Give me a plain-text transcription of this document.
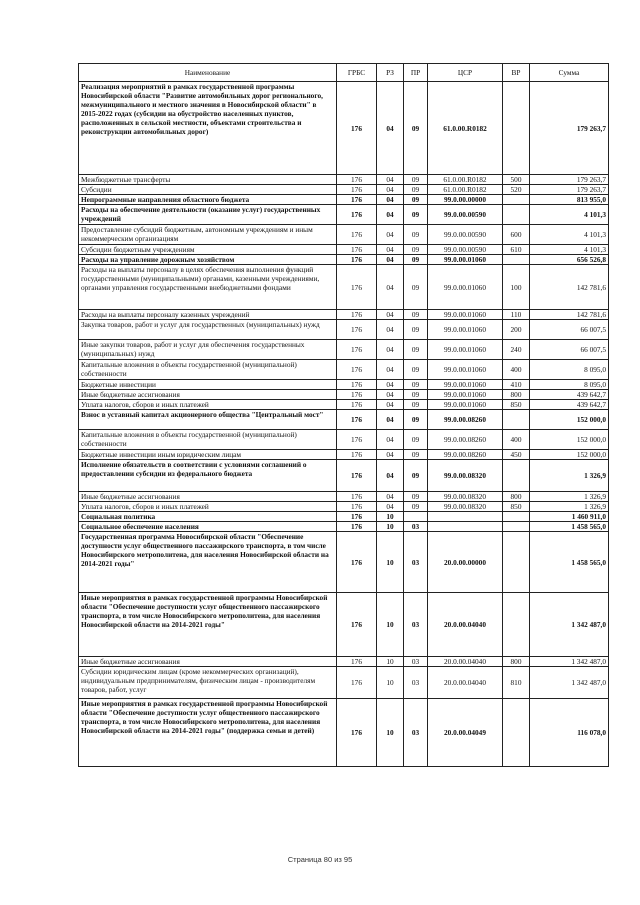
Наименование	ГРБС	РЗ	ПР	ЦСР	ВР	Сумма
Реализация мероприятий в рамках государственной программы Новосибирской области "Развитие автомобильных дорог регионального, межмуниципального и местного значения в Новосибирской области" в 2015-2022 годах (субсидии на обустройство населенных пунктов, расположенных в сельской местности, объектами строительства и реконструкции автомобильных дорог)	176	04	09	61.0.00.R0182		179 263,7
Межбюджетные трансферты	176	04	09	61.0.00.R0182	500	179 263,7
Субсидии	176	04	09	61.0.00.R0182	520	179 263,7
Непрограммные направления областного бюджета	176	04	09	99.0.00.00000		813 955,0
Расходы на обеспечение деятельности (оказание услуг) государственных учреждений	176	04	09	99.0.00.00590		4 101,3
Предоставление субсидий бюджетным, автономным учреждениям и иным некоммерческим организациям	176	04	09	99.0.00.00590	600	4 101,3
Субсидии бюджетным учреждениям	176	04	09	99.0.00.00590	610	4 101,3
Расходы на управление дорожным хозяйством	176	04	09	99.0.00.01060		656 526,8
Расходы на выплаты персоналу в целях обеспечения выполнения функций государственными (муниципальными) органами, казенными учреждениями, органами управления государственными внебюджетными фондами	176	04	09	99.0.00.01060	100	142 781,6
Расходы на выплаты персоналу казенных учреждений	176	04	09	99.0.00.01060	110	142 781,6
Закупка товаров, работ и услуг для государственных (муниципальных) нужд	176	04	09	99.0.00.01060	200	66 007,5
Иные закупки товаров, работ и услуг для обеспечения государственных (муниципальных) нужд	176	04	09	99.0.00.01060	240	66 007,5
Капитальные вложения в объекты государственной (муниципальной) собственности	176	04	09	99.0.00.01060	400	8 095,0
Бюджетные инвестиции	176	04	09	99.0.00.01060	410	8 095,0
Иные бюджетные ассигнования	176	04	09	99.0.00.01060	800	439 642,7
Уплата налогов, сборов и иных платежей	176	04	09	99.0.00.01060	850	439 642,7
Взнос в уставный капитал акционерного общества "Центральный мост"	176	04	09	99.0.00.08260		152 000,0
Капитальные вложения в объекты государственной (муниципальной) собственности	176	04	09	99.0.00.08260	400	152 000,0
Бюджетные инвестиции иным юридическим лицам	176	04	09	99.0.00.08260	450	152 000,0
Исполнение обязательств в соответствии с условиями соглашений о предоставлении субсидии из федерального бюджета	176	04	09	99.0.00.08320		1 326,9
Иные бюджетные ассигнования	176	04	09	99.0.00.08320	800	1 326,9
Уплата налогов, сборов и иных платежей	176	04	09	99.0.00.08320	850	1 326,9
Социальная политика	176	10				1 460 911,0
Социальное обеспечение населения	176	10	03			1 458 565,0
Государственная программа Новосибирской области "Обеспечение доступности услуг общественного пассажирского транспорта, в том числе Новосибирского метрополитена, для населения Новосибирской области на 2014-2021 годы"	176	10	03	20.0.00.00000		1 458 565,0
Иные мероприятия в рамках государственной программы Новосибирской области "Обеспечение доступности услуг общественного пассажирского транспорта, в том числе Новосибирского метрополитена, для населения Новосибирской области на 2014-2021 годы"	176	10	03	20.0.00.04040		1 342 487,0
Иные бюджетные ассигнования	176	10	03	20.0.00.04040	800	1 342 487,0
Субсидии юридическим лицам (кроме некоммерческих организаций), индивидуальным предпринимателям, физическим лицам - производителям товаров, работ, услуг	176	10	03	20.0.00.04040	810	1 342 487,0
Иные мероприятия в рамках государственной программы Новосибирской области "Обеспечение доступности услуг общественного пассажирского транспорта, в том числе Новосибирского метрополитена, для населения Новосибирской области на 2014-2021 годы" (поддержка семьи и детей)	176	10	03	20.0.00.04049		116 078,0
Страница 80 из 95
